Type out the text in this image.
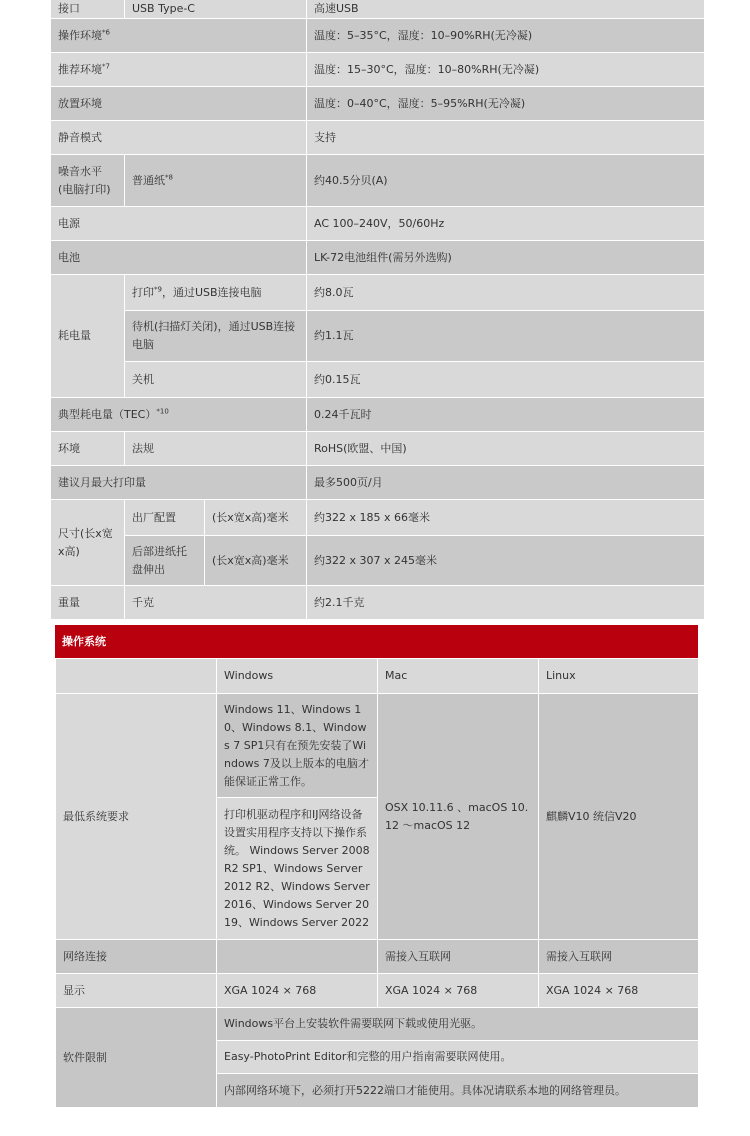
接口	USB Type-C		高速USB
操作环境$^{*6}$			温度：5–35°C，湿度：10–90%RH(无冷凝)
推荐环境$^{*7}$			温度：15–30°C，湿度：10–80%RH(无冷凝)
放置环境			温度：0–40°C，湿度：5–95%RH(无冷凝)
静音模式			支持
噪音水平(电脑打印)	普通纸$^{*8}$		约40.5分贝(A)
电源			AC 100–240V，50/60Hz
电池			LK-72电池组件(需另外选购)
耗电量	打印$^{*9}$，通过USB连接电脑		约8.0瓦
	待机(扫描灯关闭)，通过USB连接电脑		约1.1瓦
	关机		约0.15瓦
典型耗电量（TEC）$^{*10}$			0.24千瓦时
环境	法规		RoHS(欧盟、中国)
建议月最大打印量			最多500页/月
尺寸(长x宽x高)	出厂配置	(长x宽x高)毫米	约322 x 185 x 66毫米
	后部进纸托盘伸出	(长x宽x高)毫米	约322 x 307 x 245毫米
重量	千克		约2.1千克
操作系统
	Windows	Mac	Linux
最低系统要求	Windows 11、Windows 10、Windows 8.1、Windows 7 SP1只有在预先安装了Windows 7及以上版本的电脑才能保证正常工作。	OSX 10.11.6 、macOS 10.12 ～macOS 12	麒麟V10 统信V20
	打印机驱动程序和IJ网络设备设置实用程序支持以下操作系统。 Windows Server 2008 R2 SP1、Windows Server 2012 R2、Windows Server 2016、Windows Server 2019、Windows Server 2022		
网络连接		需接入互联网	需接入互联网
显示	XGA 1024 × 768	XGA 1024 × 768	XGA 1024 × 768
软件限制	Windows平台上安装软件需要联网下载或使用光驱。		
	Easy-PhotoPrint Editor和完整的用户指南需要联网使用。		
	内部网络环境下，必须打开5222端口才能使用。具体况请联系本地的网络管理员。		
